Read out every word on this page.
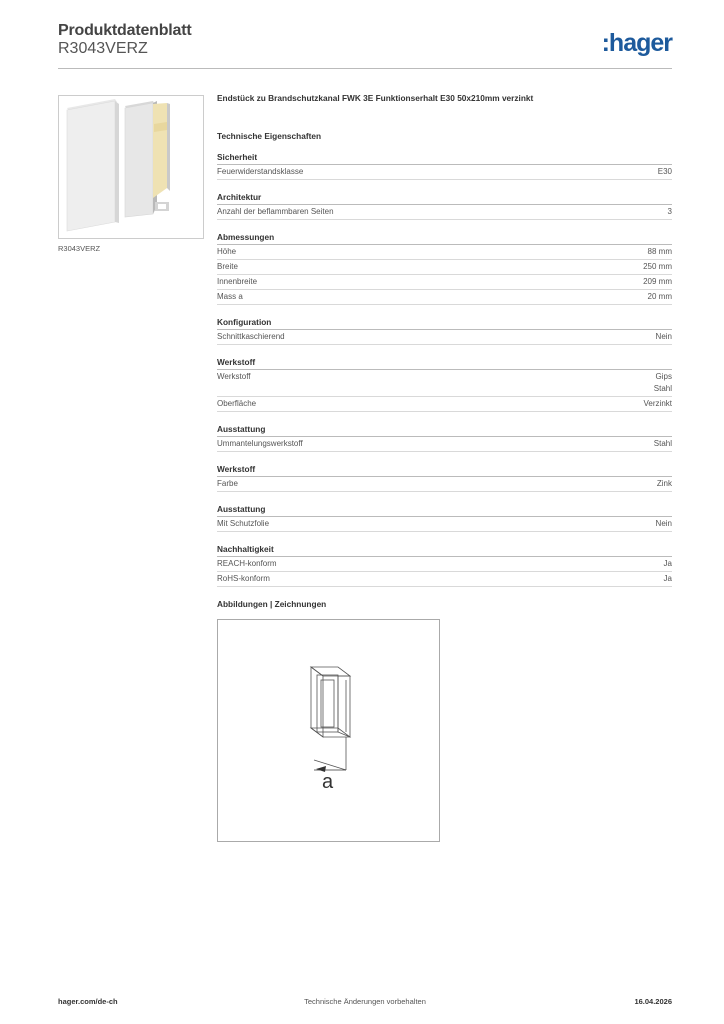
Produktdatenblatt
R3043VERZ	:hager
R3043VERZ
Endstück zu Brandschutzkanal FWK 3E Funktionserhalt E30 50x210mm verzinkt
Technische Eigenschaften
Sicherheit
Feuerwiderstandsklasse	E30
Architektur
Anzahl der beflammbaren Seiten	3
Abmessungen
Höhe	88 mm
Breite	250 mm
Innenbreite	209 mm
Mass a	20 mm
Konfiguration
Schnittkaschierend	Nein
Werkstoff
Werkstoff	Gips
Stahl
Oberfläche	Verzinkt
Ausstattung
Ummantelungswerkstoff	Stahl
Werkstoff
Farbe	Zink
Ausstattung
Mit Schutzfolie	Nein
Nachhaltigkeit
REACH-konform	Ja
RoHS-konform	Ja
Abbildungen | Zeichnungen
a
Technische Änderungen vorbehalten
hager.com/de-ch	16.04.2026
